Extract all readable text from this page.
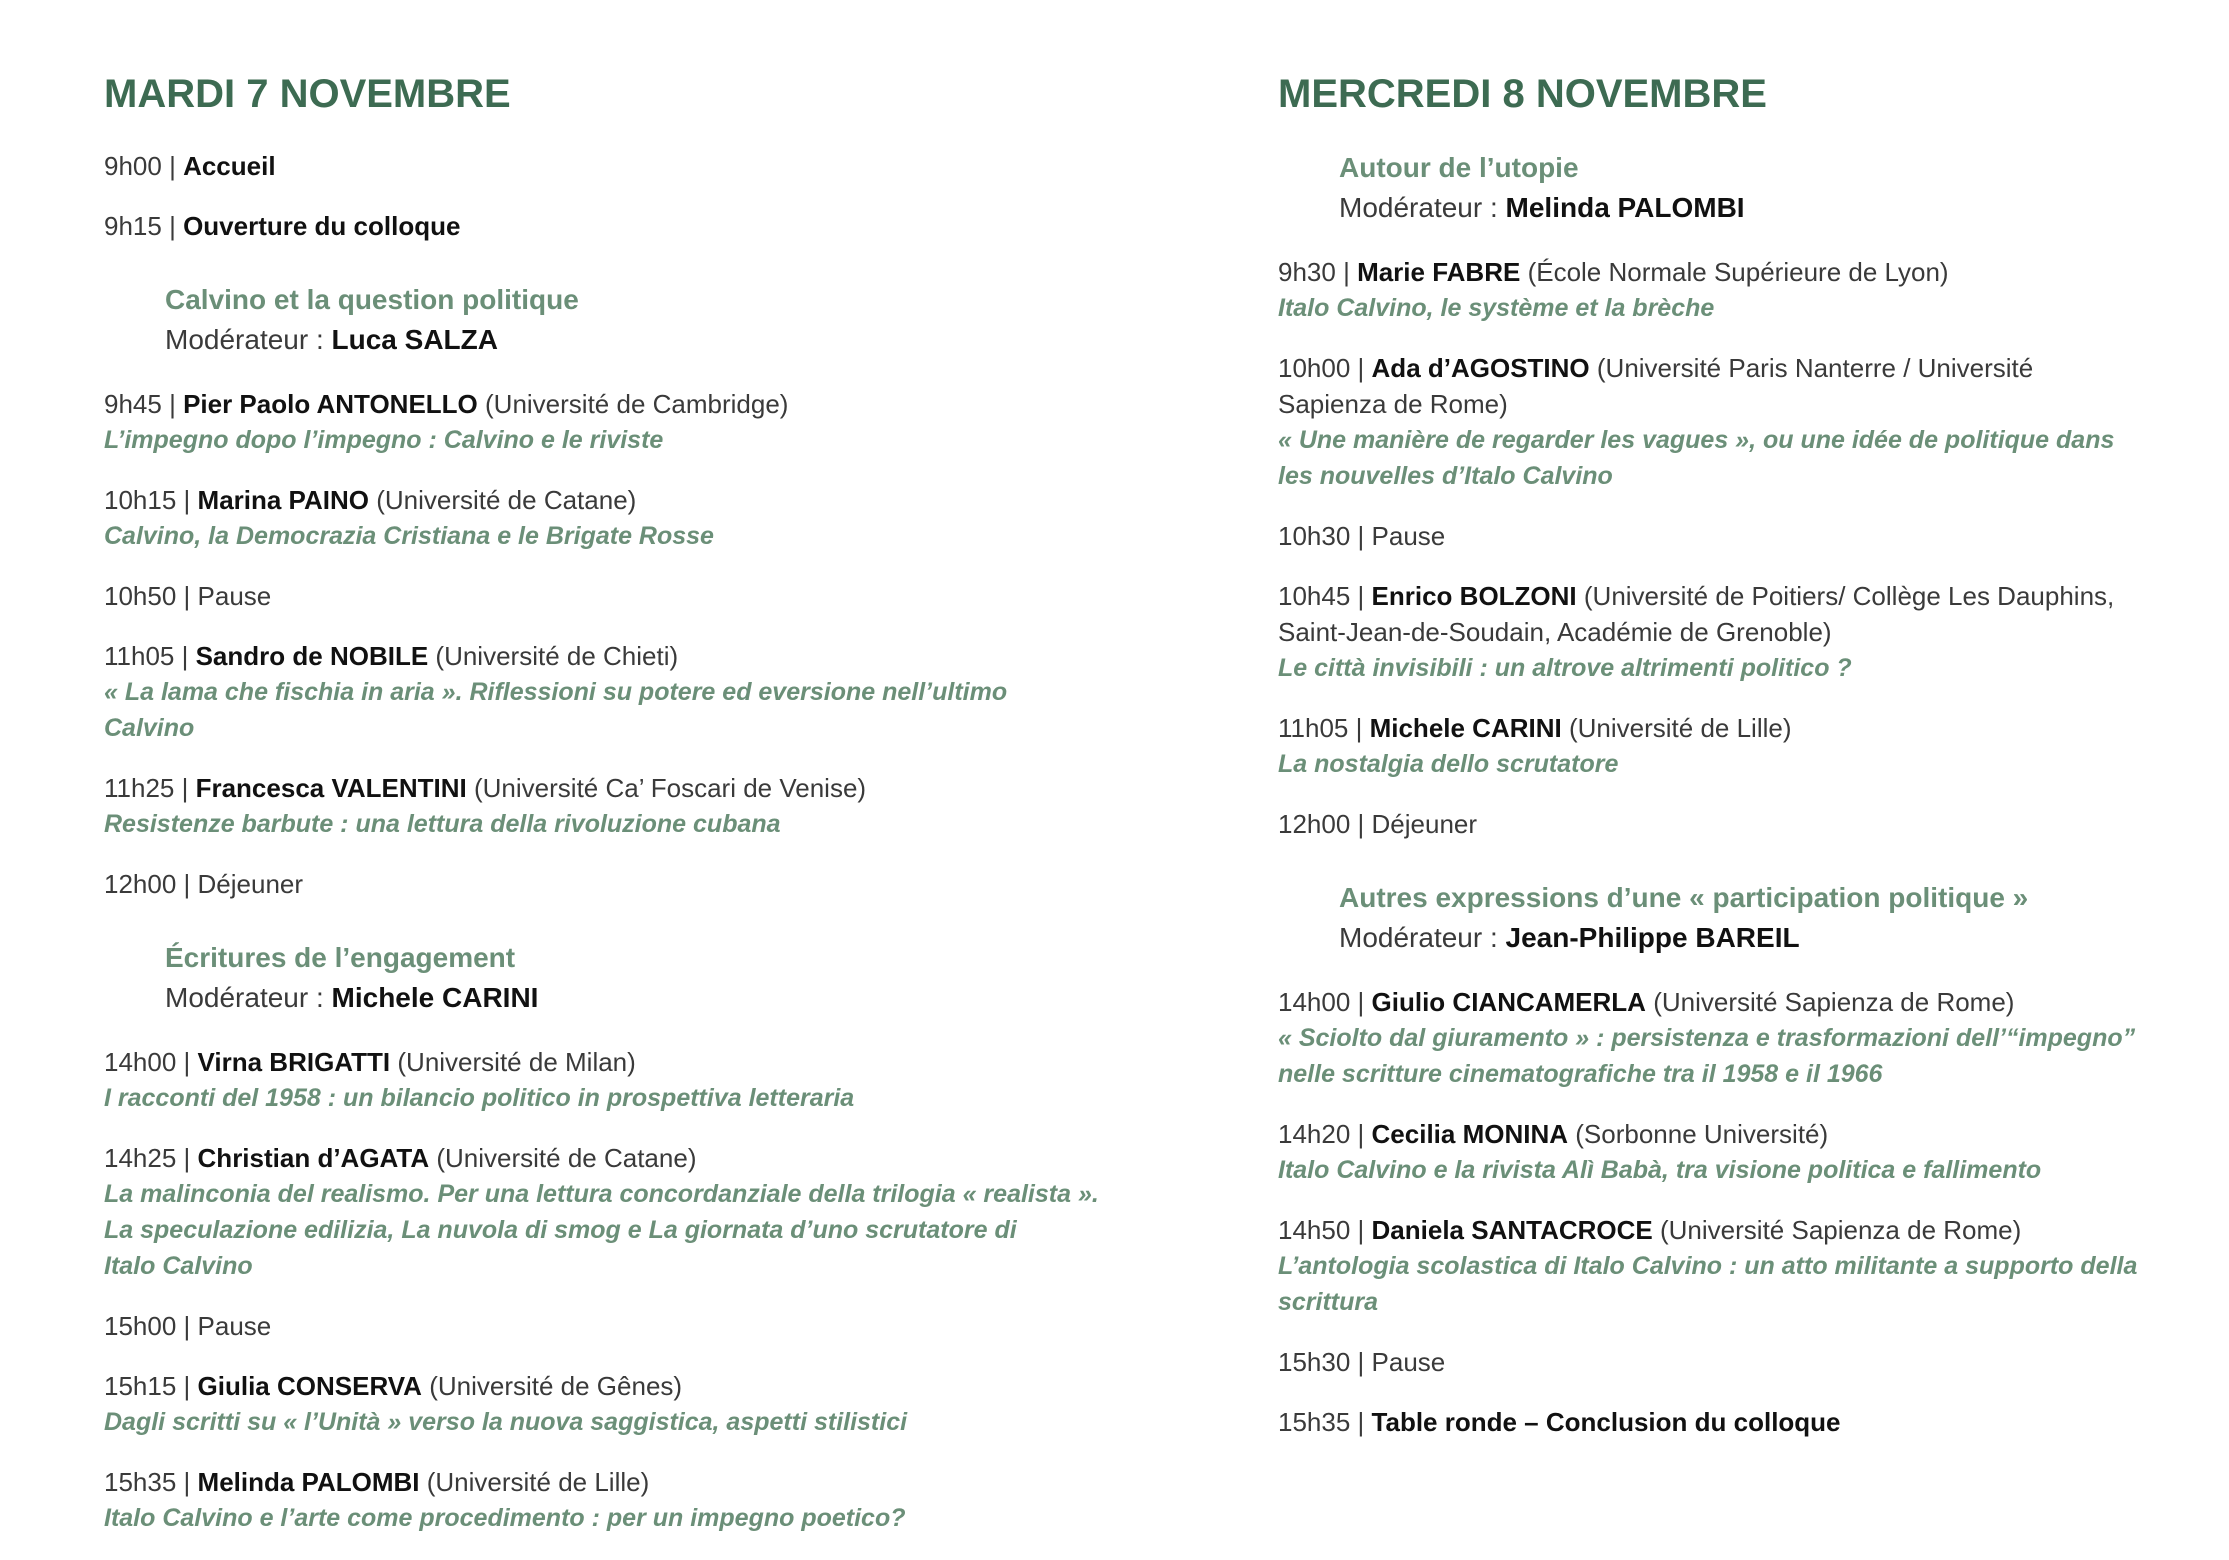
MARDI 7 NOVEMBRE
9h00 | Accueil
9h15 | Ouverture du colloque
Calvino et la question politique
Modérateur : Luca SALZA
9h45 | Pier Paolo ANTONELLO (Université de Cambridge)
L’impegno dopo l’impegno : Calvino e le riviste
10h15 | Marina PAINO (Université de Catane)
Calvino, la Democrazia Cristiana e le Brigate Rosse
10h50 | Pause
11h05 | Sandro de NOBILE (Université de Chieti)
« La lama che fischia in aria ». Riflessioni su potere ed eversione nell’ultimo Calvino
11h25 | Francesca VALENTINI (Université Ca’ Foscari de Venise)
Resistenze barbute : una lettura della rivoluzione cubana
12h00 | Déjeuner
Écritures de l’engagement
Modérateur : Michele CARINI
14h00 | Virna BRIGATTI (Université de Milan)
I racconti del 1958 : un bilancio politico in prospettiva letteraria
14h25 | Christian d’AGATA (Université de Catane)
La malinconia del realismo. Per una lettura concordanziale della trilogia « realista ».
La speculazione edilizia, La nuvola di smog e La giornata d’uno scrutatore di
Italo Calvino
15h00 | Pause
15h15 | Giulia CONSERVA (Université de Gênes)
Dagli scritti su « l’Unità » verso la nuova saggistica, aspetti stilistici
15h35 | Melinda PALOMBI (Université de Lille)
Italo Calvino e l’arte come procedimento : per un impegno poetico?
MERCREDI 8 NOVEMBRE
Autour de l’utopie
Modérateur : Melinda PALOMBI
9h30 | Marie FABRE (École Normale Supérieure de Lyon)
Italo Calvino, le système et la brèche
10h00 | Ada d’AGOSTINO (Université Paris Nanterre / Université
Sapienza de Rome)
« Une manière de regarder les vagues », ou une idée de politique dans
les nouvelles d’Italo Calvino
10h30 | Pause
10h45 | Enrico BOLZONI (Université de Poitiers/ Collège Les Dauphins,
Saint-Jean-de-Soudain, Académie de Grenoble)
Le città invisibili : un altrove altrimenti politico ?
11h05 | Michele CARINI (Université de Lille)
La nostalgia dello scrutatore
12h00 | Déjeuner
Autres expressions d’une « participation politique »
Modérateur : Jean-Philippe BAREIL
14h00 | Giulio CIANCAMERLA (Université Sapienza de Rome)
« Sciolto dal giuramento » : persistenza e trasformazioni dell’“impegno”
nelle scritture cinematografiche tra il 1958 e il 1966
14h20 | Cecilia MONINA (Sorbonne Université)
Italo Calvino e la rivista Alì Babà, tra visione politica e fallimento
14h50 | Daniela SANTACROCE (Université Sapienza de Rome)
L’antologia scolastica di Italo Calvino : un atto militante a supporto della
scrittura
15h30 | Pause
15h35 | Table ronde – Conclusion du colloque
